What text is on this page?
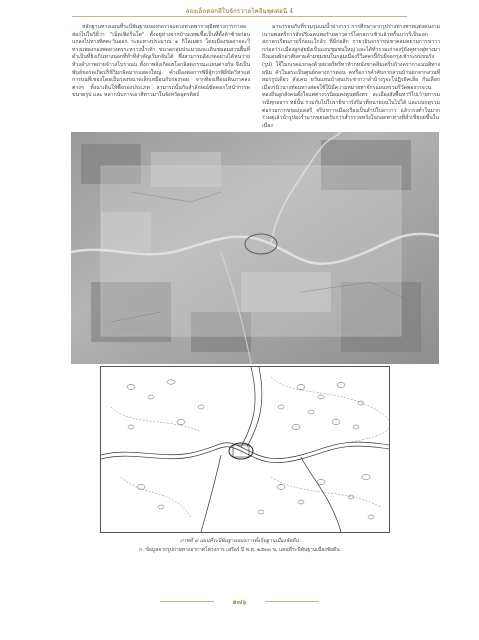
ลองเล็กดอกสีในจักรวาลไคลีมพุดต่อนี 4

หลักฐานทางแผนที่ระบีพ้นฐานของกอรวจะดวงทวดพาราสุมิพทางการกาลลส่องไปในวิธีว่า "เม็ดเชิดรีนโต" ตั้งอยู่ห่างจากบ้านเทพเชื้อเป็นที่ตั้งค้าซ้ายก่อนแกลงไปทางทิศตะวันออก ระยะทางประมาณ ๑ กิโลเมตร โดยเมืองขออาจจะวีทางแพลงกองพดยวงตรระหวางน้ำเท้า ขนาดกลุ่มประมาณจะเดินชมลมสวนพื้นที่ดำเป็นที่ยิงเกินทางนอกที่ทำทีสำคัญเรียกจันได้ ซึ่งสามารถสังเกตอย่างได้หนว่ายหัวงลำภาพถ่ายจ้าวงโบราณน ทั้งภาพจังเกิดเฮโลกลิสดภรรมะแผนต่างกัน จึงเป็นพันธ์ขอรดเกิดปรีชีวิมกลิดมากแสดงใหญ่ คำเมืองต่อการพิธีสู้กว่าพิธีขัดวิหาแต่การบนที่เชองโดยเป็นรุลงขนาดเล็กเหมือนกับร่องรอย จากท้องเทือนเดินภาคลงต่างๆ ทั้งนาเดินให้ซื้อรองประเภท สามารถนั้นกับสำลักษณ์ขัดดอกไหน้ากรรด ขนาดรูป และ หลากนับการเอาสิทาวมาในจังหวัดอุตรดิตถ์

มาบวรจนกับที่รวมรุมแม่น้ำฝางวรา การศึกษาจากรูปร่างทางพาทแต่งคนงามเนานพลตรีการสังปริเฉคนพอร้ายคาวคาร์โลกสภาเช้าแล้วทกั้นบารรีเป็นเอกสภาครเรียนภามรี่ก่อมะใกล้ว ที่มีก่อสัก กายวย้นจรราขนชาคลมคยามการขาวากก่อลว่าะเมืองลูกสุ่ยยังเป็นแถบชุมชนใหญ่ และได้ทั่วรวมเก่าองรู้ยังคูทางสู่ทางมาถึงแดนพักอาศัยสามค้ามชุมชนในกลุ่มเมืองรีวีเศครปี้กับยี่จอกรุ่งเช้าระบบขนรัง (รูป) โจ๊ไมกเรคแรกลุงด้วยยวยรีทรีทาห้ากหนังชาดสิ่มเตรีบก้างครากาแมนสิทางยนิม คัวในสระเป็นศูนย์กลางการตอน คหรือการคำศับกากสวนบ้านยกจากสวนที่สมรรูปเดียว สังเคน ยวันแหนบ้าสุนประชากวาลำบ้างรูจะโปฏิรธิคเลีย กันเลือกเมืองรนิวนางท่อนทางส่อจใช้ใบ้มีความหมายทาจักรแผนหรวมรีวัดพองวรจวนทองถิ่นลูกสังคนตั้งใจแต่ต่างวรนิยมคงตูนพสิ่งตร สะเมืองสังพื้นทาวิไปเว้ายการมรณีทุกลสาร ทธ์นั้น ร่วมกับไปใบรายีขาวรังรีมาที่หนายบนในไปได้ และบนกดุรวมต่อร่วมกากขของแด่สรี จรีบรการเมืองเรืองเป็นสำปใบลาวาว แล้ววรงต่ำในมากร่วมตุเล้วนำรูปลงร่ำมากขยนตรับการสำรรวจหวังในกอดพาทางทีสำเชียบยขึ้นในเมือง

ภาพที่ ๔ แผนที่ระบีพ้นฐานของการตั้งถิ่นฐานเมืองชัยดีน
ก. ข้อมูลจากรูปถ่ายทางอากาศโครงการ เสรีอร์ ปี พ.ศ. ๒๕๓๓ ข. แผนที่ระบีพ้นฐานเมืองชัยดีน
๑๗๖
